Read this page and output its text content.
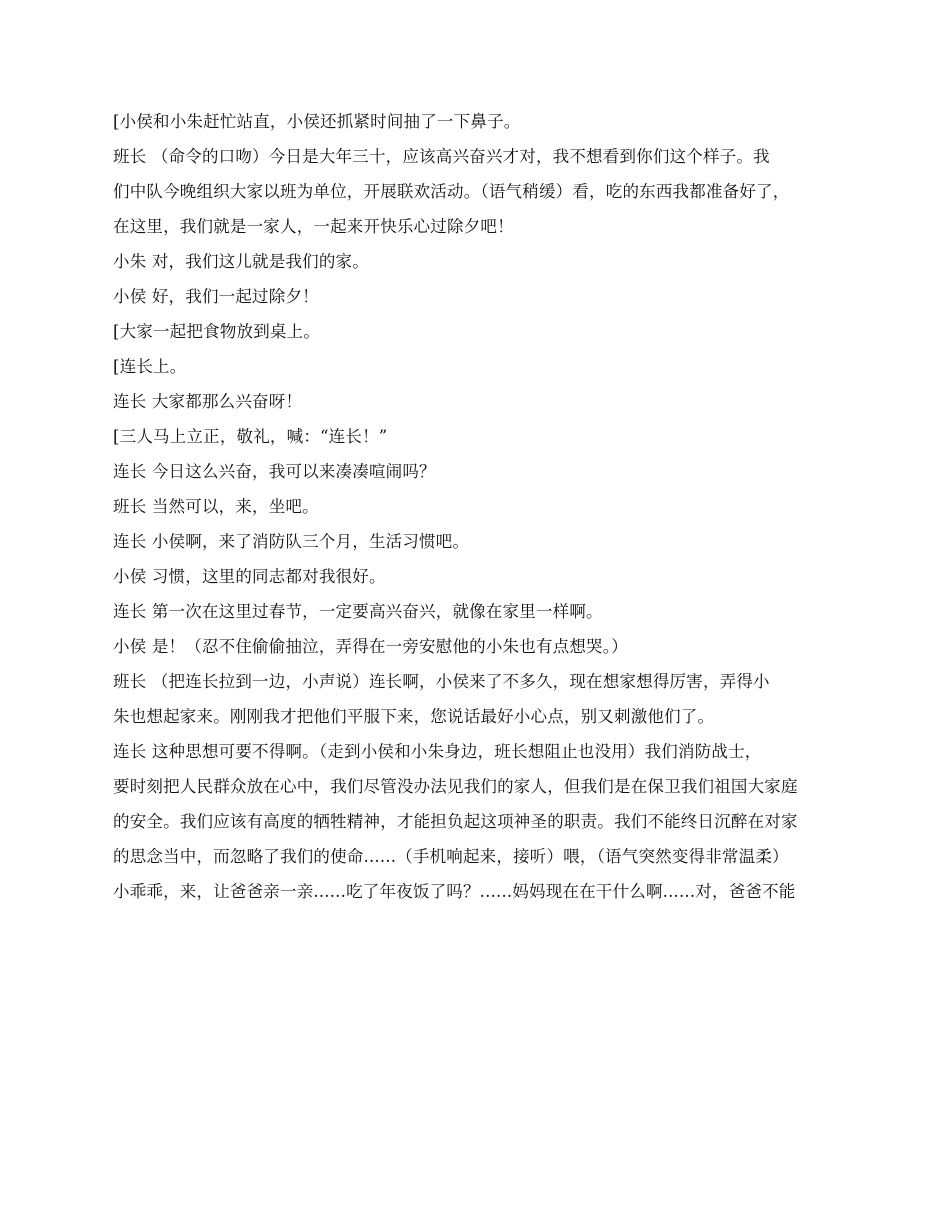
[小侯和小朱赶忙站直，小侯还抓紧时间抽了一下鼻子。

班长 （命令的口吻）今日是大年三十，应该高兴奋兴才对，我不想看到你们这个样子。我

们中队今晚组织大家以班为单位，开展联欢活动。（语气稍缓）看，吃的东西我都准备好了，

在这里，我们就是一家人，一起来开快乐心过除夕吧！

小朱 对，我们这儿就是我们的家。

小侯 好，我们一起过除夕！

[大家一起把食物放到桌上。

[连长上。

连长 大家都那么兴奋呀！

[三人马上立正，敬礼，喊：“连长！”

连长 今日这么兴奋，我可以来凑凑喧闹吗？

班长 当然可以，来，坐吧。

连长 小侯啊，来了消防队三个月，生活习惯吧。

小侯 习惯，这里的同志都对我很好。

连长 第一次在这里过春节，一定要高兴奋兴，就像在家里一样啊。

小侯 是！（忍不住偷偷抽泣，弄得在一旁安慰他的小朱也有点想哭。）

班长 （把连长拉到一边，小声说）连长啊，小侯来了不多久，现在想家想得厉害，弄得小

朱也想起家来。刚刚我才把他们平服下来，您说话最好小心点，别又刺激他们了。

连长 这种思想可要不得啊。（走到小侯和小朱身边，班长想阻止也没用）我们消防战士，

要时刻把人民群众放在心中，我们尽管没办法见我们的家人，但我们是在保卫我们祖国大家庭

的安全。我们应该有高度的牺牲精神，才能担负起这项神圣的职责。我们不能终日沉醉在对家

的思念当中，而忽略了我们的使命......（手机响起来，接听）喂，（语气突然变得非常温柔）

小乖乖，来，让爸爸亲一亲......吃了年夜饭了吗？......妈妈现在在干什么啊......对，爸爸不能
